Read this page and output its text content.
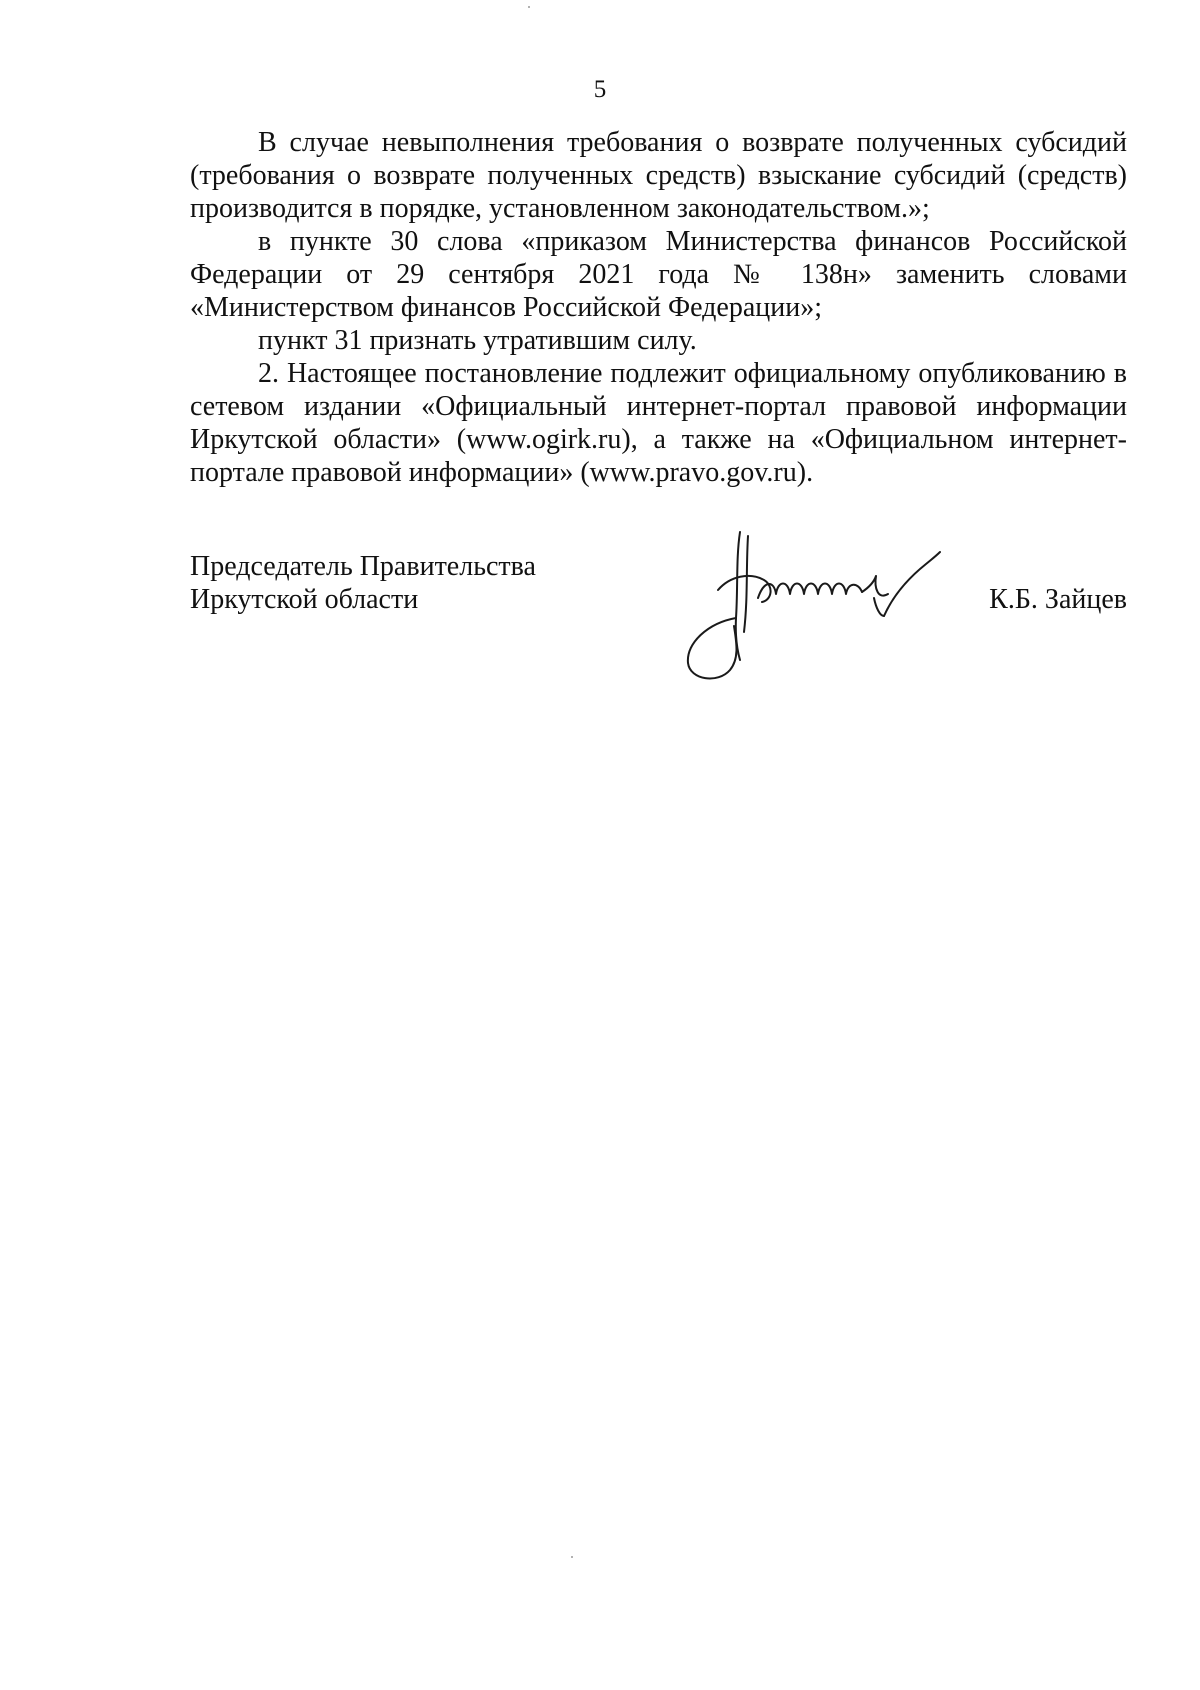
5

В случае невыполнения требования о возврате полученных субсидий (требования о возврате полученных средств) взыскание субсидий (средств) производится в порядке, установленном законодательством.»;

в пункте 30 слова «приказом Министерства финансов Российской Федерации от 29 сентября 2021 года № 138н» заменить словами «Министерством финансов Российской Федерации»;

пункт 31 признать утратившим силу.

2. Настоящее постановление подлежит официальному опубликованию в сетевом издании «Официальный интернет-портал правовой информации Иркутской области» (www.ogirk.ru), а также на «Официальном интернет-портале правовой информации» (www.pravo.gov.ru).

Председатель Правительства
Иркутской области	К.Б. Зайцев
